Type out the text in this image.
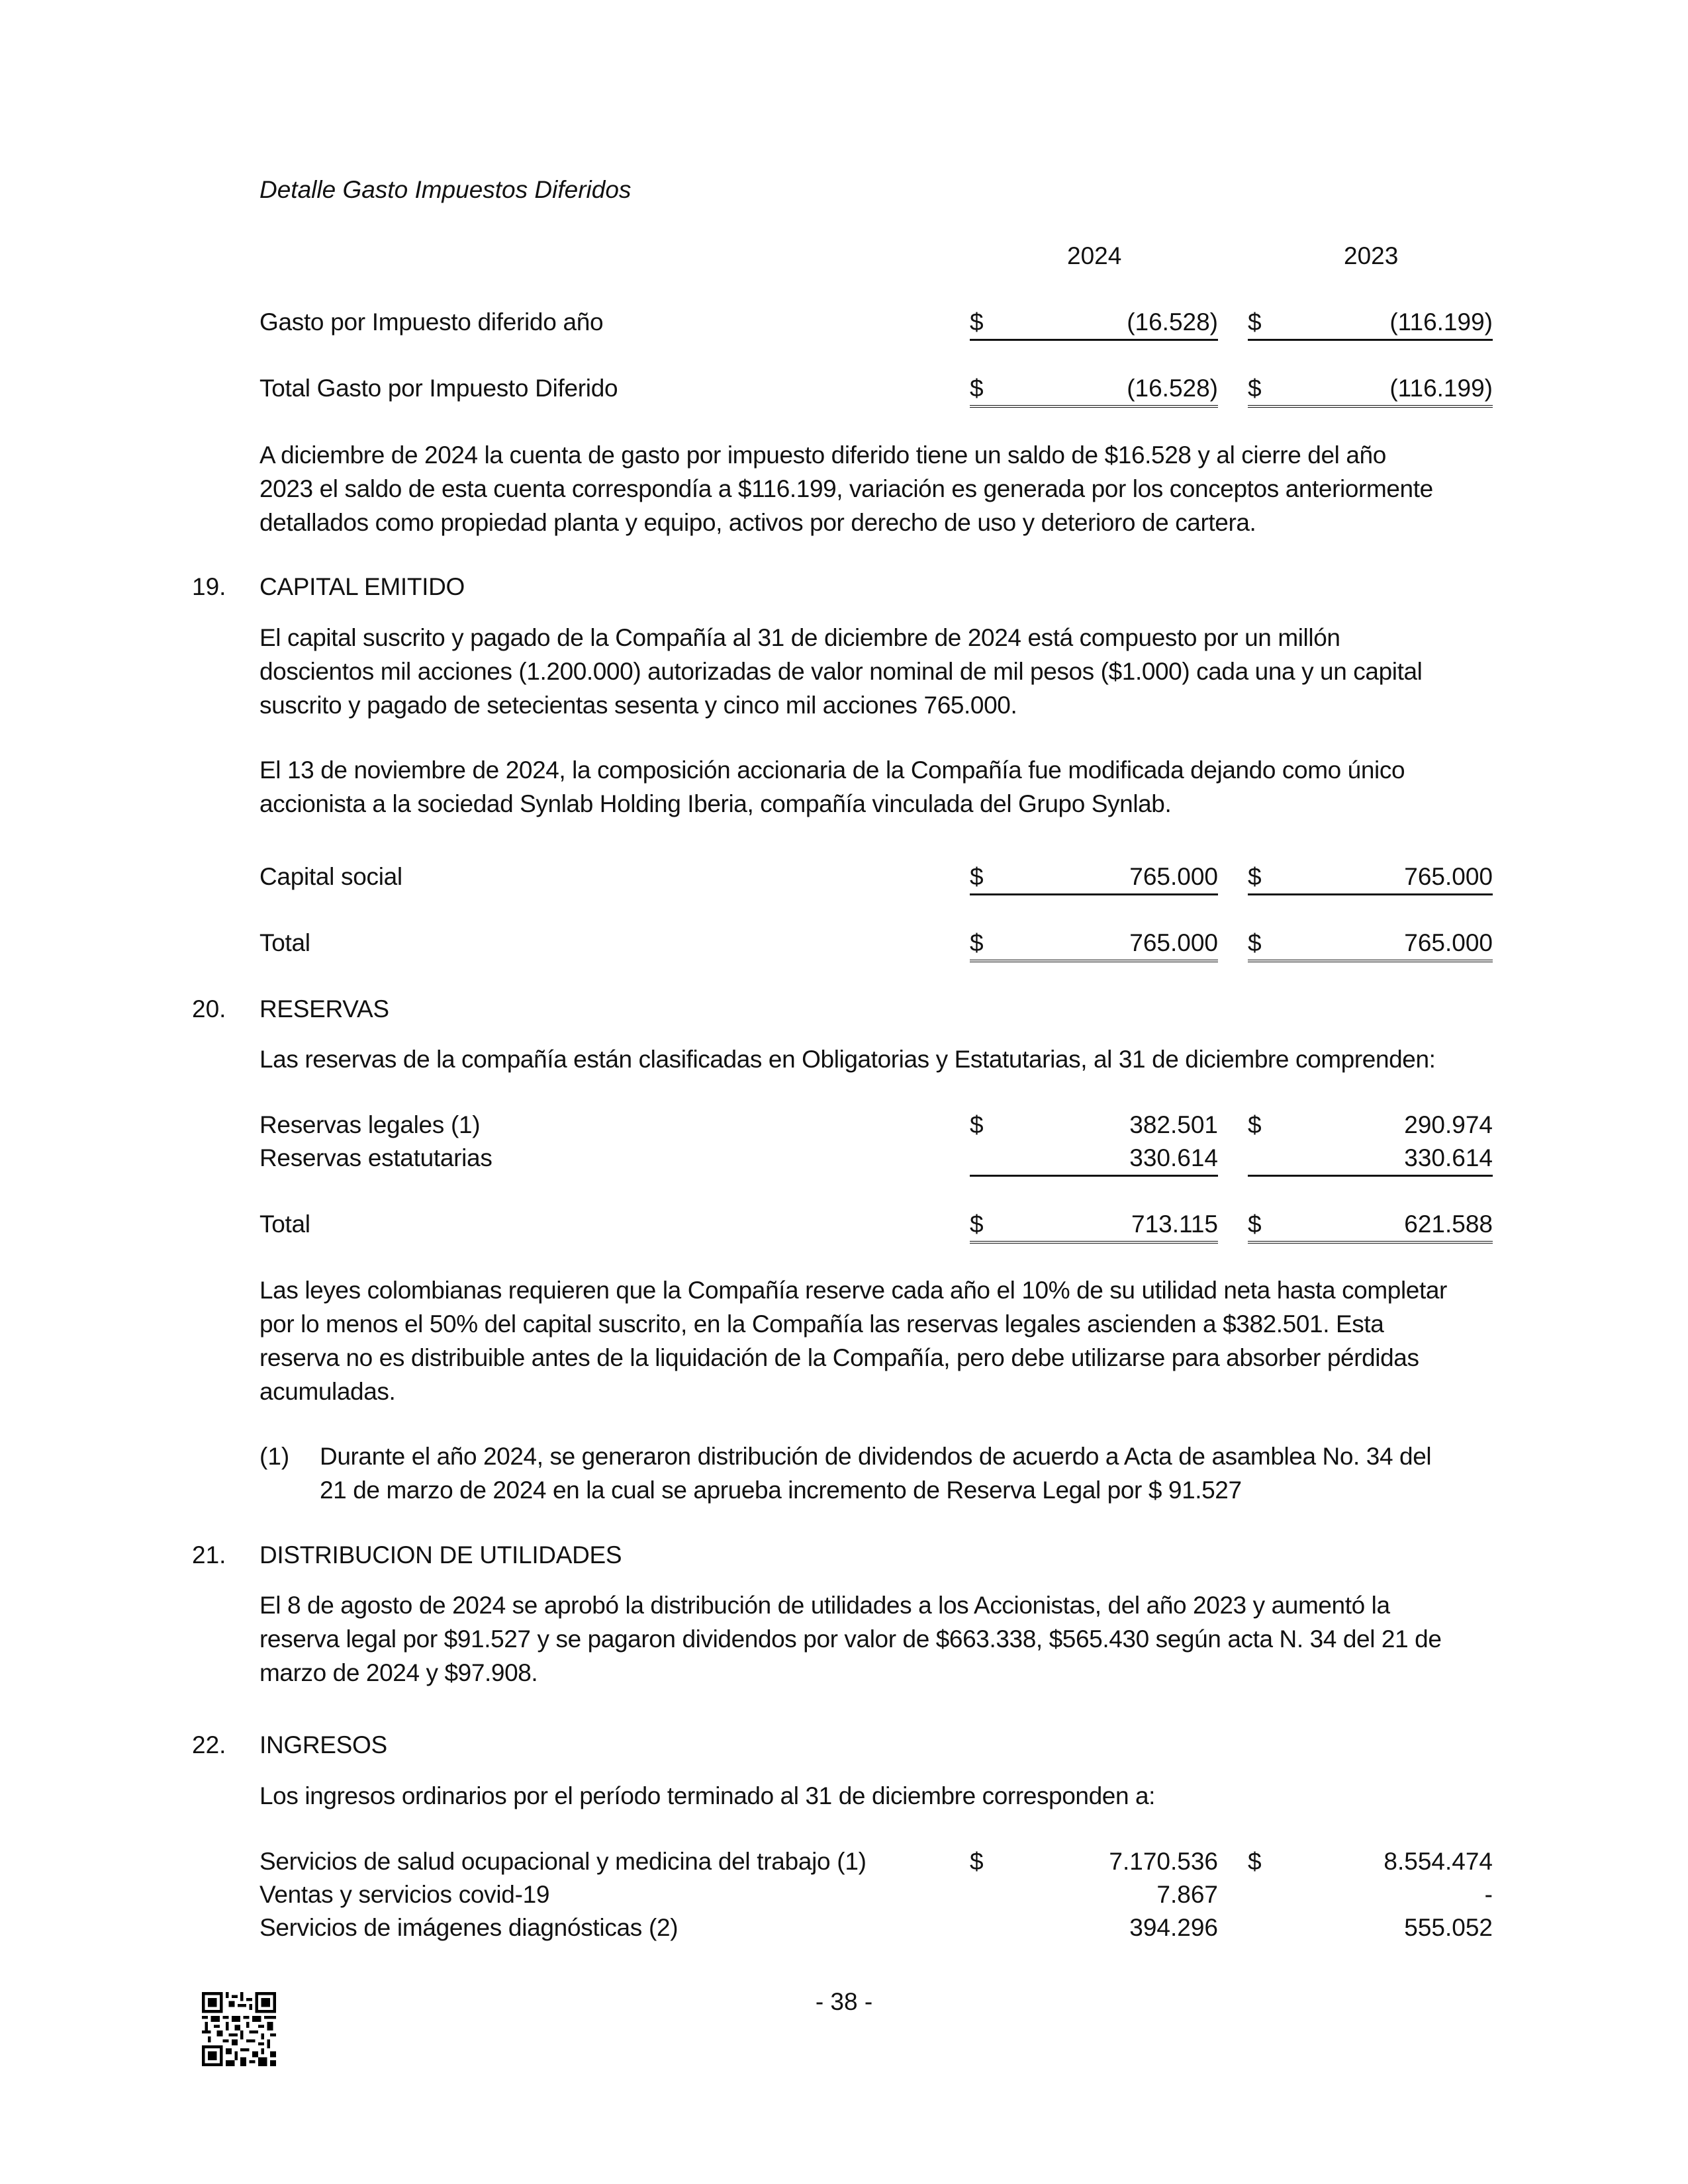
Detalle Gasto Impuestos Diferidos
2024	2023
Gasto por Impuesto diferido año	$	(16.528) $	(116.199)
Total Gasto por Impuesto Diferido	$	(16.528) $	(116.199)
A diciembre de 2024 la cuenta de gasto por impuesto diferido tiene un saldo de $16.528 y al cierre del año
2023 el saldo de esta cuenta correspondía a $116.199, variación es generada por los conceptos anteriormente
detallados como propiedad planta y equipo, activos por derecho de uso y deterioro de cartera.
19. CAPITAL EMITIDO
El capital suscrito y pagado de la Compañía al 31 de diciembre de 2024 está compuesto por un millón
doscientos mil acciones (1.200.000) autorizadas de valor nominal de mil pesos ($1.000) cada una y un capital
suscrito y pagado de setecientas sesenta y cinco mil acciones 765.000.
El 13 de noviembre de 2024, la composición accionaria de la Compañía fue modificada dejando como único
accionista a la sociedad Synlab Holding Iberia, compañía vinculada del Grupo Synlab.
Capital social	$	765.000 $	765.000
Total	$	765.000 $	765.000
20. RESERVAS
Las reservas de la compañía están clasificadas en Obligatorias y Estatutarias, al 31 de diciembre comprenden:
Reservas legales (1)	$	382.501 $	290.974
Reservas estatutarias	330.614	330.614
Total	$	713.115 $	621.588
Las leyes colombianas requieren que la Compañía reserve cada año el 10% de su utilidad neta hasta completar
por lo menos el 50% del capital suscrito, en la Compañía las reservas legales ascienden a $382.501. Esta
reserva no es distribuible antes de la liquidación de la Compañía, pero debe utilizarse para absorber pérdidas
acumuladas.
(1) Durante el año 2024, se generaron distribución de dividendos de acuerdo a Acta de asamblea No. 34 del
21 de marzo de 2024 en la cual se aprueba incremento de Reserva Legal por $ 91.527
21. DISTRIBUCION DE UTILIDADES
El 8 de agosto de 2024 se aprobó la distribución de utilidades a los Accionistas, del año 2023 y aumentó la
reserva legal por $91.527 y se pagaron dividendos por valor de $663.338, $565.430 según acta N. 34 del 21 de
marzo de 2024 y $97.908.
22. INGRESOS
Los ingresos ordinarios por el período terminado al 31 de diciembre corresponden a:
Servicios de salud ocupacional y medicina del trabajo (1)	$	7.170.536 $	8.554.474
Ventas y servicios covid-19	7.867	-
Servicios de imágenes diagnósticas (2)	394.296	555.052
- 38 -
